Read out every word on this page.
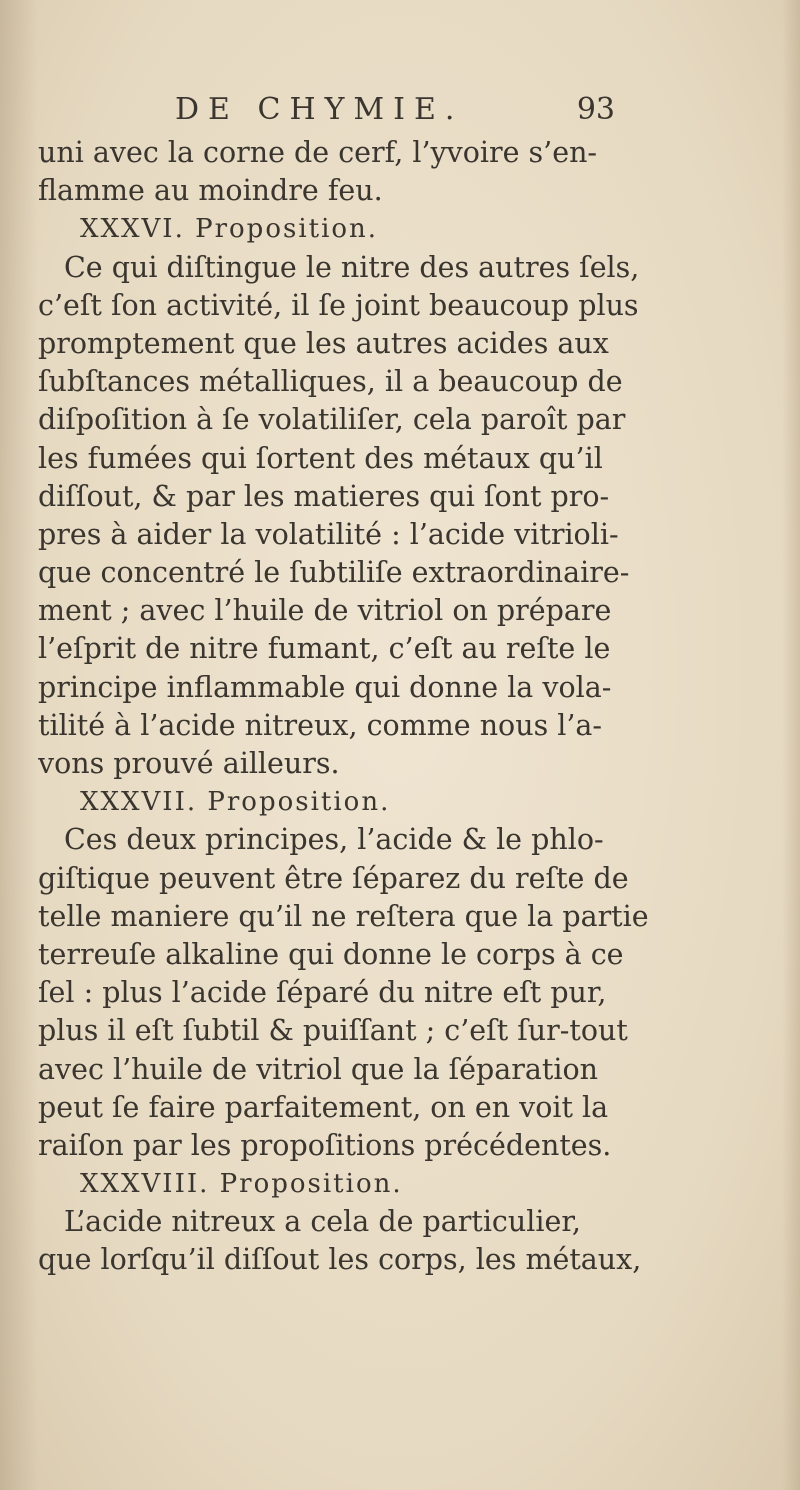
DE CHYMIE.	93
uni avec la corne de cerf, l’yvoire s’en-
flamme au moindre feu.
XXXVI. Proposition.
Ce qui diſtingue le nitre des autres ſels,
c’eſt ſon activité, il ſe joint beaucoup plus
promptement que les autres acides aux
ſubſtances métalliques, il a beaucoup de
diſpoſition à ſe volatiliſer, cela paroît par
les fumées qui ſortent des métaux qu’il
diſſout, & par les matieres qui ſont pro-
pres à aider la volatilité : l’acide vitrioli-
que concentré le ſubtiliſe extraordinaire-
ment ; avec l’huile de vitriol on prépare
l’eſprit de nitre fumant, c’eſt au reſte le
principe inflammable qui donne la vola-
tilité à l’acide nitreux, comme nous l’a-
vons prouvé ailleurs.
XXXVII. Proposition.
Ces deux principes, l’acide & le phlo-
giſtique peuvent être ſéparez du reſte de
telle maniere qu’il ne reſtera que la partie
terreuſe alkaline qui donne le corps à ce
ſel : plus l’acide ſéparé du nitre eſt pur,
plus il eſt ſubtil & puiſſant ; c’eſt ſur-tout
avec l’huile de vitriol que la ſéparation
peut ſe faire parfaitement, on en voit la
raiſon par les propoſitions précédentes.
XXXVIII. Proposition.
L’acide nitreux a cela de particulier,
que lorſqu’il diſſout les corps, les métaux,
